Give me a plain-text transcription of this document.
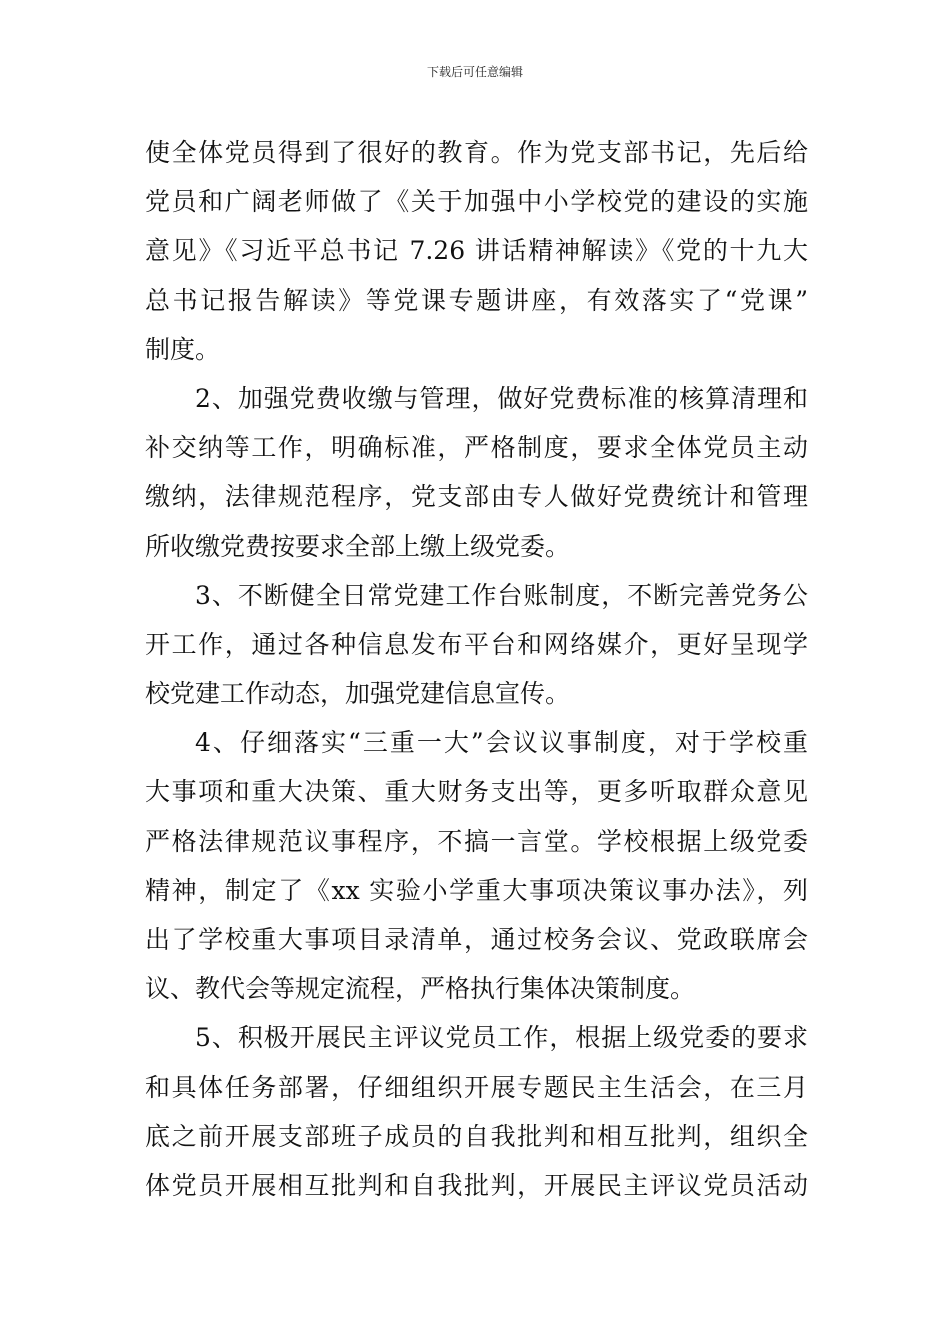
下载后可任意编辑
使全体党员得到了很好的教育。作为党支部书记，先后给
党员和广阔老师做了《关于加强中小学校党的建设的实施
意见》《习近平总书记 7.26 讲话精神解读》《党的十九大
总书记报告解读》等党课专题讲座，有效落实了“党课”
制度。
2、加强党费收缴与管理，做好党费标准的核算清理和
补交纳等工作，明确标准，严格制度，要求全体党员主动
缴纳，法律规范程序，党支部由专人做好党费统计和管理
所收缴党费按要求全部上缴上级党委。
3、不断健全日常党建工作台账制度，不断完善党务公
开工作，通过各种信息发布平台和网络媒介，更好呈现学
校党建工作动态，加强党建信息宣传。
4、仔细落实“三重一大”会议议事制度，对于学校重
大事项和重大决策、重大财务支出等，更多听取群众意见
严格法律规范议事程序，不搞一言堂。学校根据上级党委
精神，制定了《xx 实验小学重大事项决策议事办法》，列
出了学校重大事项目录清单，通过校务会议、党政联席会
议、教代会等规定流程，严格执行集体决策制度。
5、积极开展民主评议党员工作，根据上级党委的要求
和具体任务部署，仔细组织开展专题民主生活会，在三月
底之前开展支部班子成员的自我批判和相互批判，组织全
体党员开展相互批判和自我批判，开展民主评议党员活动
